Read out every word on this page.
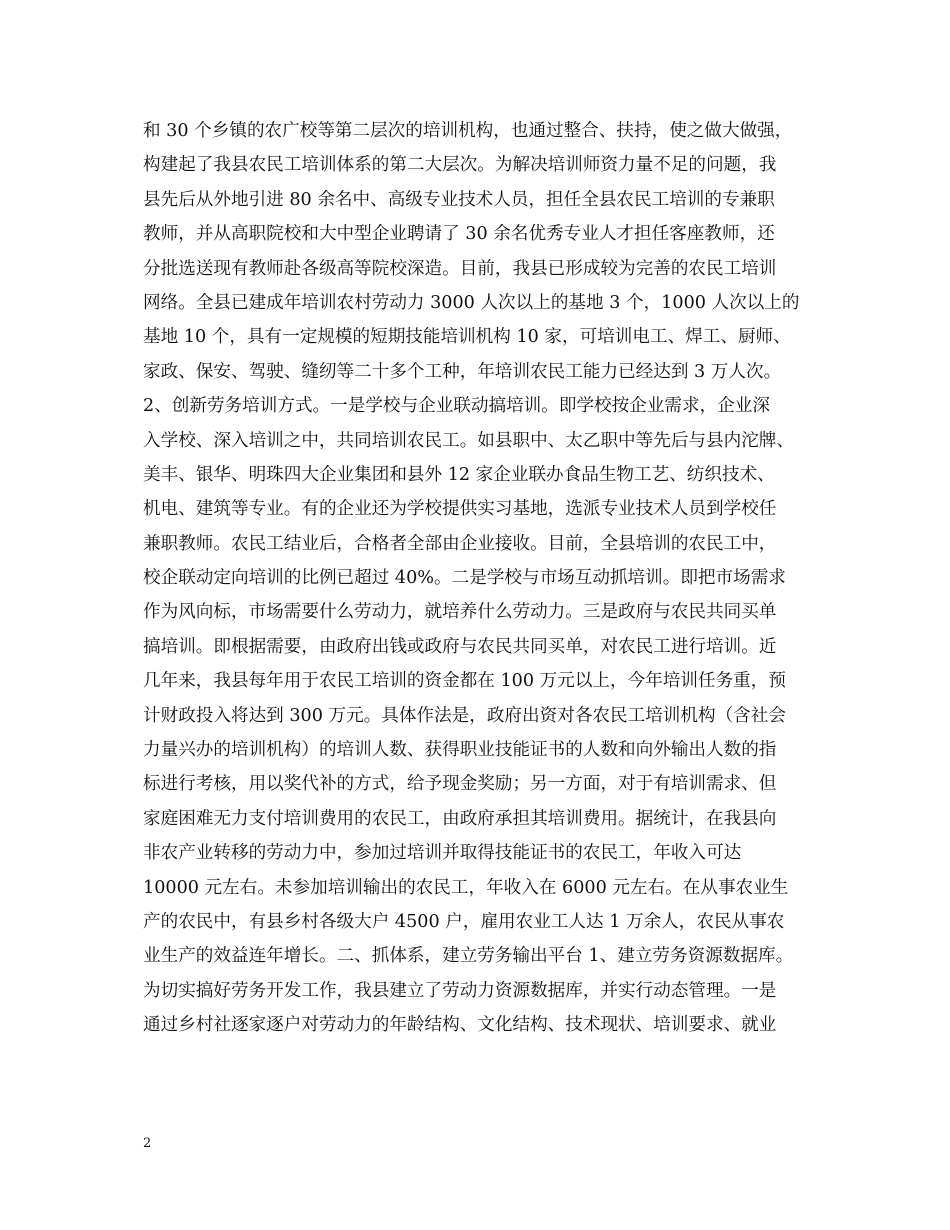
和 30 个乡镇的农广校等第二层次的培训机构，也通过整合、扶持，使之做大做强，
构建起了我县农民工培训体系的第二大层次。为解决培训师资力量不足的问题，我
县先后从外地引进 80 余名中、高级专业技术人员，担任全县农民工培训的专兼职
教师，并从高职院校和大中型企业聘请了 30 余名优秀专业人才担任客座教师，还
分批选送现有教师赴各级高等院校深造。目前，我县已形成较为完善的农民工培训
网络。全县已建成年培训农村劳动力 3000 人次以上的基地 3 个，1000 人次以上的
基地 10 个，具有一定规模的短期技能培训机构 10 家，可培训电工、焊工、厨师、
家政、保安、驾驶、缝纫等二十多个工种，年培训农民工能力已经达到 3 万人次。
2、创新劳务培训方式。一是学校与企业联动搞培训。即学校按企业需求，企业深
入学校、深入培训之中，共同培训农民工。如县职中、太乙职中等先后与县内沱牌、
美丰、银华、明珠四大企业集团和县外 12 家企业联办食品生物工艺、纺织技术、
机电、建筑等专业。有的企业还为学校提供实习基地，选派专业技术人员到学校任
兼职教师。农民工结业后，合格者全部由企业接收。目前，全县培训的农民工中，
校企联动定向培训的比例已超过 40%。二是学校与市场互动抓培训。即把市场需求
作为风向标，市场需要什么劳动力，就培养什么劳动力。三是政府与农民共同买单
搞培训。即根据需要，由政府出钱或政府与农民共同买单，对农民工进行培训。近
几年来，我县每年用于农民工培训的资金都在 100 万元以上，今年培训任务重，预
计财政投入将达到 300 万元。具体作法是，政府出资对各农民工培训机构（含社会
力量兴办的培训机构）的培训人数、获得职业技能证书的人数和向外输出人数的指
标进行考核，用以奖代补的方式，给予现金奖励；另一方面，对于有培训需求、但
家庭困难无力支付培训费用的农民工，由政府承担其培训费用。据统计，在我县向
非农产业转移的劳动力中，参加过培训并取得技能证书的农民工，年收入可达
10000 元左右。未参加培训输出的农民工，年收入在 6000 元左右。在从事农业生
产的农民中，有县乡村各级大户 4500 户，雇用农业工人达 1 万余人，农民从事农
业生产的效益连年增长。二、抓体系，建立劳务输出平台 1、建立劳务资源数据库。
为切实搞好劳务开发工作，我县建立了劳动力资源数据库，并实行动态管理。一是
通过乡村社逐家逐户对劳动力的年龄结构、文化结构、技术现状、培训要求、就业
2
